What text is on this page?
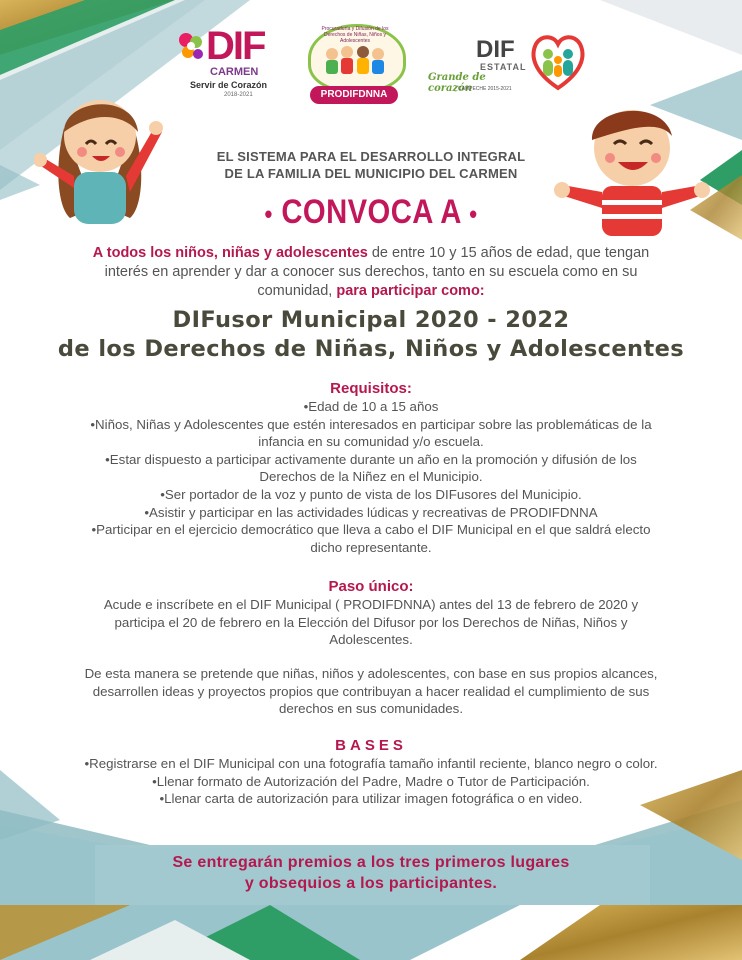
DIF
CARMEN
Servir de Corazón
2018-2021
Procuraduría y Difusión de los Derechos de Niñas, Niños y Adolescentes
PRODIFDNNA
DIF
ESTATAL
Grande de corazón
CAMPECHE 2015-2021
EL SISTEMA PARA EL DESARROLLO INTEGRAL
DE LA FAMILIA DEL MUNICIPIO DEL CARMEN
• CONVOCA A •
A todos los niños, niñas y adolescentes de entre 10 y 15 años de edad, que tengan interés en aprender y dar a conocer sus derechos, tanto en su escuela como en su comunidad, para participar como:
DIFusor Municipal 2020 - 2022
de los Derechos de Niñas, Niños y Adolescentes
Requisitos:
•Edad de 10 a 15 años
•Niños, Niñas y Adolescentes que estén interesados en participar sobre las problemáticas de la infancia en su comunidad y/o escuela.
•Estar dispuesto a participar activamente durante un año en la promoción y difusión de los Derechos de la Niñez en el Municipio.
•Ser portador de la voz y punto de vista de los DIFusores del Municipio.
•Asistir y participar en las actividades lúdicas y recreativas de PRODIFDNNA
•Participar en el ejercicio democrático que lleva a cabo el DIF Municipal en el que saldrá electo dicho representante.
Paso único:
Acude e inscríbete en el DIF Municipal ( PRODIFDNNA) antes del 13 de febrero de 2020 y participa el 20 de febrero en la Elección del Difusor por los Derechos de Niñas, Niños y Adolescentes.
De esta manera se pretende que niñas, niños y adolescentes, con base en sus propios alcances, desarrollen ideas y proyectos propios que contribuyan a hacer realidad el cumplimiento de sus derechos en sus comunidades.
BASES
•Registrarse en el DIF Municipal con una fotografía tamaño infantil reciente, blanco negro o color.
•Llenar formato de Autorización del Padre, Madre o Tutor de Participación.
•Llenar carta de autorización para utilizar imagen fotográfica o en video.
Se entregarán premios a los tres primeros lugares
y obsequios a los participantes.
